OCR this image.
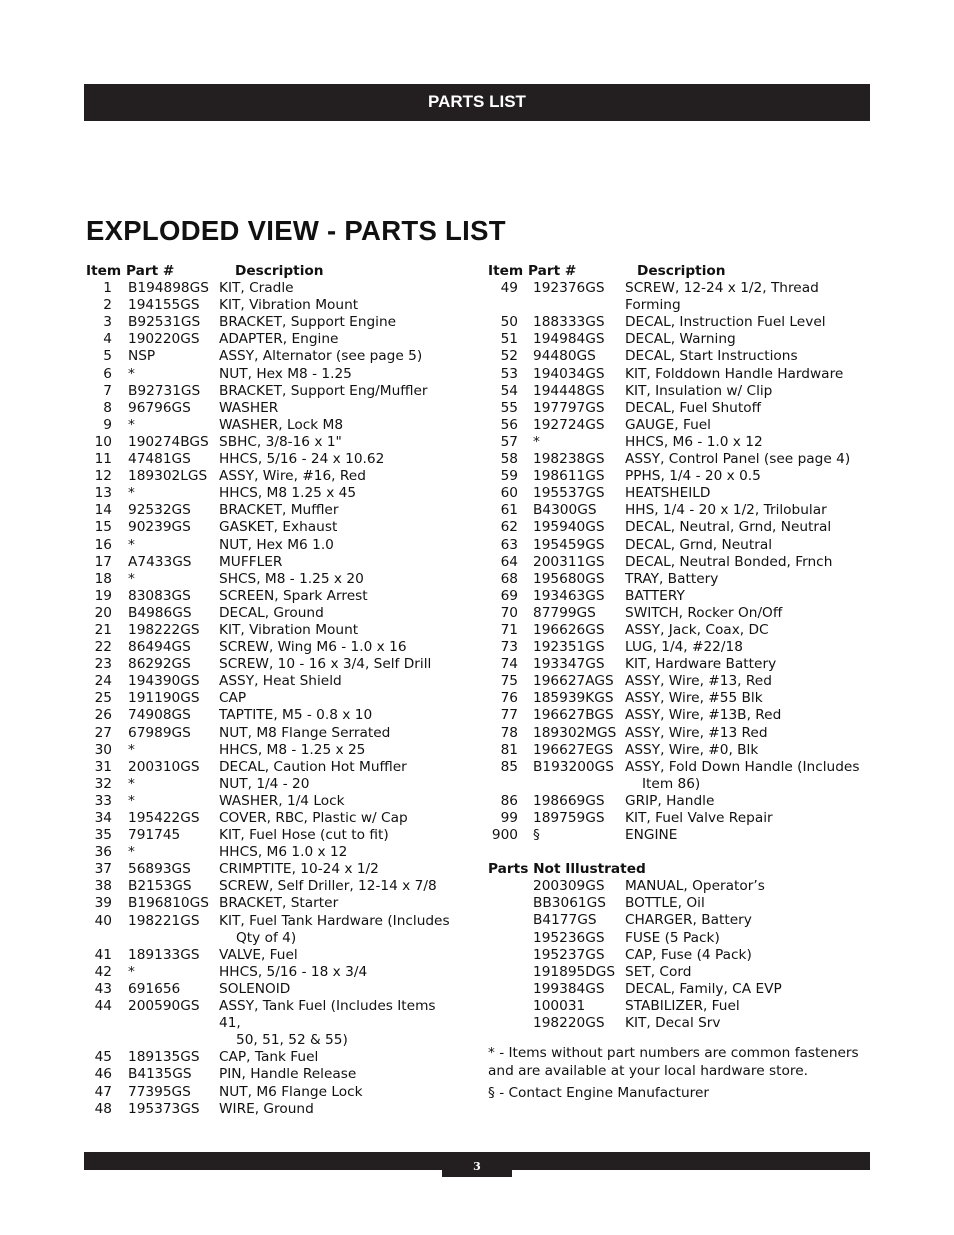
PARTS LIST
EXPLODED VIEW - PARTS LIST
Item Part #	Description
1	B194898GS KIT, Cradle
2	194155GS	KIT, Vibration Mount
3	B92531GS	BRACKET, Support Engine
4	190220GS	ADAPTER, Engine
5	NSP	ASSY, Alternator (see page 5)
6	*	NUT, Hex M8 - 1.25
7	B92731GS	BRACKET, Support Eng/Muffler
8	96796GS	WASHER
9	*	WASHER, Lock M8
10	190274BGS SBHC, 3/8-16 x 1"
11	47481GS	HHCS, 5/16 - 24 x 10.62
12	189302LGS ASSY, Wire, #16, Red
13	*	HHCS, M8 1.25 x 45
14	92532GS	BRACKET, Muffler
15	90239GS	GASKET, Exhaust
16	*	NUT, Hex M6 1.0
17	A7433GS	MUFFLER
18	*	SHCS, M8 - 1.25 x 20
19	83083GS	SCREEN, Spark Arrest
20	B4986GS	DECAL, Ground
21	198222GS	KIT, Vibration Mount
22	86494GS	SCREW, Wing M6 - 1.0 x 16
23	86292GS	SCREW, 10 - 16 x 3/4, Self Drill
24	194390GS	ASSY, Heat Shield
25	191190GS	CAP
26	74908GS	TAPTITE, M5 - 0.8 x 10
27	67989GS	NUT, M8 Flange Serrated
30	*	HHCS, M8 - 1.25 x 25
31	200310GS	DECAL, Caution Hot Muffler
32	*	NUT, 1/4 - 20
33	*	WASHER, 1/4 Lock
34	195422GS	COVER, RBC, Plastic w/ Cap
35	791745	KIT, Fuel Hose (cut to fit)
36	*	HHCS, M6 1.0 x 12
37	56893GS	CRIMPTITE, 10-24 x 1/2
38	B2153GS	SCREW, Self Driller, 12-14 x 7/8
39	B196810GS BRACKET, Starter
40	198221GS	KIT, Fuel Tank Hardware (Includes
Qty of 4)
41	189133GS	VALVE, Fuel
42	*	HHCS, 5/16 - 18 x 3/4
43	691656	SOLENOID
44	200590GS	ASSY, Tank Fuel (Includes Items 41,
50, 51, 52 & 55)
45	189135GS	CAP, Tank Fuel
46	B4135GS	PIN, Handle Release
47	77395GS	NUT, M6 Flange Lock
48	195373GS	WIRE, Ground
Item Part #	Description
49	192376GS	SCREW, 12-24 x 1/2, Thread Forming
50	188333GS	DECAL, Instruction Fuel Level
51	194984GS	DECAL, Warning
52	94480GS	DECAL, Start Instructions
53	194034GS	KIT, Folddown Handle Hardware
54	194448GS	KIT, Insulation w/ Clip
55	197797GS	DECAL, Fuel Shutoff
56	192724GS	GAUGE, Fuel
57	*	HHCS, M6 - 1.0 x 12
58	198238GS	ASSY, Control Panel (see page 4)
59	198611GS	PPHS, 1/4 - 20 x 0.5
60	195537GS	HEATSHEILD
61	B4300GS	HHS, 1/4 - 20 x 1/2, Trilobular
62	195940GS	DECAL, Neutral, Grnd, Neutral
63	195459GS	DECAL, Grnd, Neutral
64	200311GS	DECAL, Neutral Bonded, Frnch
68	195680GS	TRAY, Battery
69	193463GS	BATTERY
70	87799GS	SWITCH, Rocker On/Off
71	196626GS	ASSY, Jack, Coax, DC
73	192351GS	LUG, 1/4, #22/18
74	193347GS	KIT, Hardware Battery
75	196627AGS ASSY, Wire, #13, Red
76	185939KGS ASSY, Wire, #55 Blk
77	196627BGS ASSY, Wire, #13B, Red
78	189302MGS ASSY, Wire, #13 Red
81	196627EGS ASSY, Wire, #0, Blk
85	B193200GS ASSY, Fold Down Handle (Includes
Item 86)
86	198669GS	GRIP, Handle
99	189759GS	KIT, Fuel Valve Repair
900	§	ENGINE
Parts Not Illustrated
200309GS	MANUAL, Operator’s
BB3061GS	BOTTLE, Oil
B4177GS	CHARGER, Battery
195236GS	FUSE (5 Pack)
195237GS	CAP, Fuse (4 Pack)
191895DGS SET, Cord
199384GS	DECAL, Family, CA EVP
100031	STABILIZER, Fuel
198220GS	KIT, Decal Srv

* - Items without part numbers are common fasteners and are available at your local hardware store.

§ - Contact Engine Manufacturer

3
